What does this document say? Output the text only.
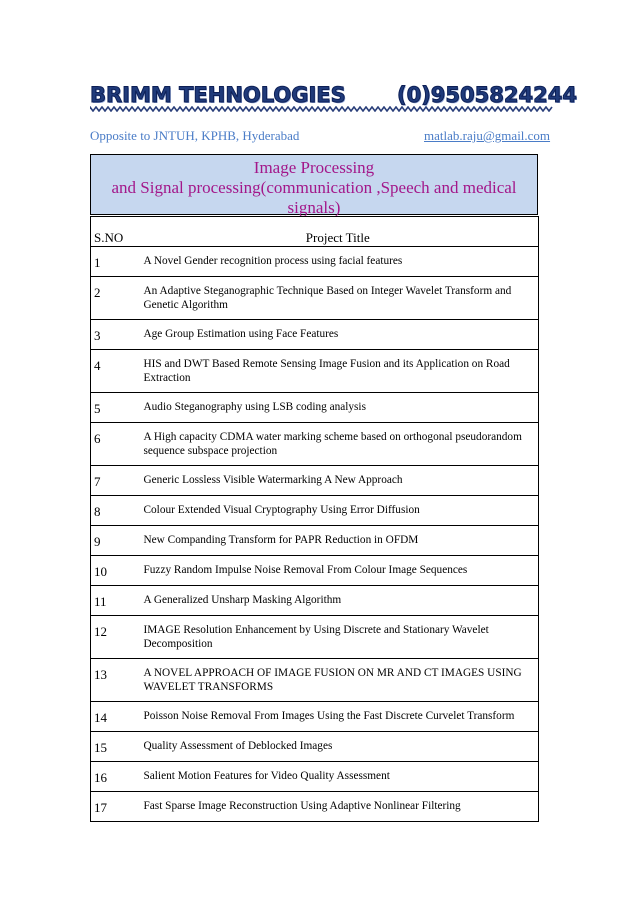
BRIMM TEHNOLOGIES (0)9505824244
Opposite to JNTUH, KPHB, Hyderabad	matlab.raju@gmail.com
Image Processing
and Signal processing(communication ,Speech and medical
signals)
S.NO	Project Title
1	A Novel Gender recognition process using facial features
2	An Adaptive Steganographic Technique Based on Integer Wavelet Transform and Genetic Algorithm
3	Age Group Estimation using Face Features
4	HIS and DWT Based Remote Sensing Image Fusion and its Application on Road Extraction
5	Audio Steganography using LSB coding analysis
6	A High capacity CDMA water marking scheme based on orthogonal pseudorandom sequence subspace projection
7	Generic Lossless Visible Watermarking A New Approach
8	Colour Extended Visual Cryptography Using Error Diffusion
9	New Companding Transform for PAPR Reduction in OFDM
10	Fuzzy Random Impulse Noise Removal From Colour Image Sequences
11	A Generalized Unsharp Masking Algorithm
12	IMAGE Resolution Enhancement by Using Discrete and Stationary Wavelet Decomposition
13	A NOVEL APPROACH OF IMAGE FUSION ON MR AND CT IMAGES USING WAVELET TRANSFORMS
14	Poisson Noise Removal From Images Using the Fast Discrete Curvelet Transform
15	Quality Assessment of Deblocked Images
16	Salient Motion Features for Video Quality Assessment
17	Fast Sparse Image Reconstruction Using Adaptive Nonlinear Filtering
